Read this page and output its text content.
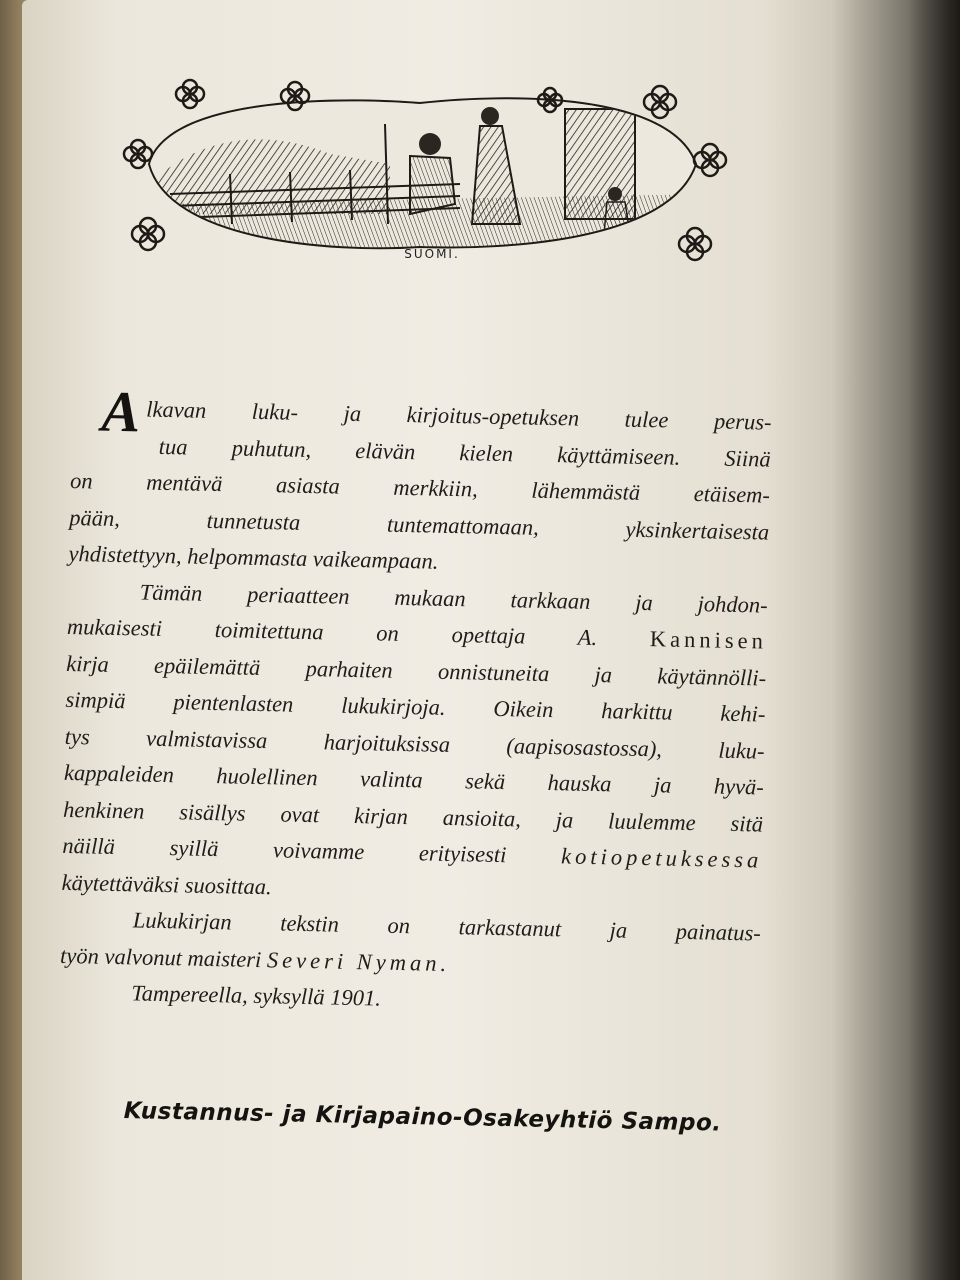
SUOMI.
Alkavan luku- ja kirjoitus-opetuksen tulee perus-
tua puhutun, elävän kielen käyttämiseen. Siinä
on mentävä asiasta merkkiin, lähemmästä etäisem-
pään, tunnetusta tuntemattomaan, yksinkertaisesta
yhdistettyyn, helpommasta vaikeampaan.
Tämän periaatteen mukaan tarkkaan ja johdon-
mukaisesti toimitettuna on opettaja A. Kannisen
kirja epäilemättä parhaiten onnistuneita ja käytännölli-
simpiä pientenlasten lukukirjoja. Oikein harkittu kehi-
tys valmistavissa harjoituksissa (aapisosastossa), luku-
kappaleiden huolellinen valinta sekä hauska ja hyvä-
henkinen sisällys ovat kirjan ansioita, ja luulemme sitä
näillä syillä voivamme erityisesti kotiopetuksessa
käytettäväksi suosittaa.
Lukukirjan tekstin on tarkastanut ja painatus-
työn valvonut maisteri Severi Nyman.
Tampereella, syksyllä 1901.
Kustannus- ja Kirjapaino-Osakeyhtiö Sampo.
